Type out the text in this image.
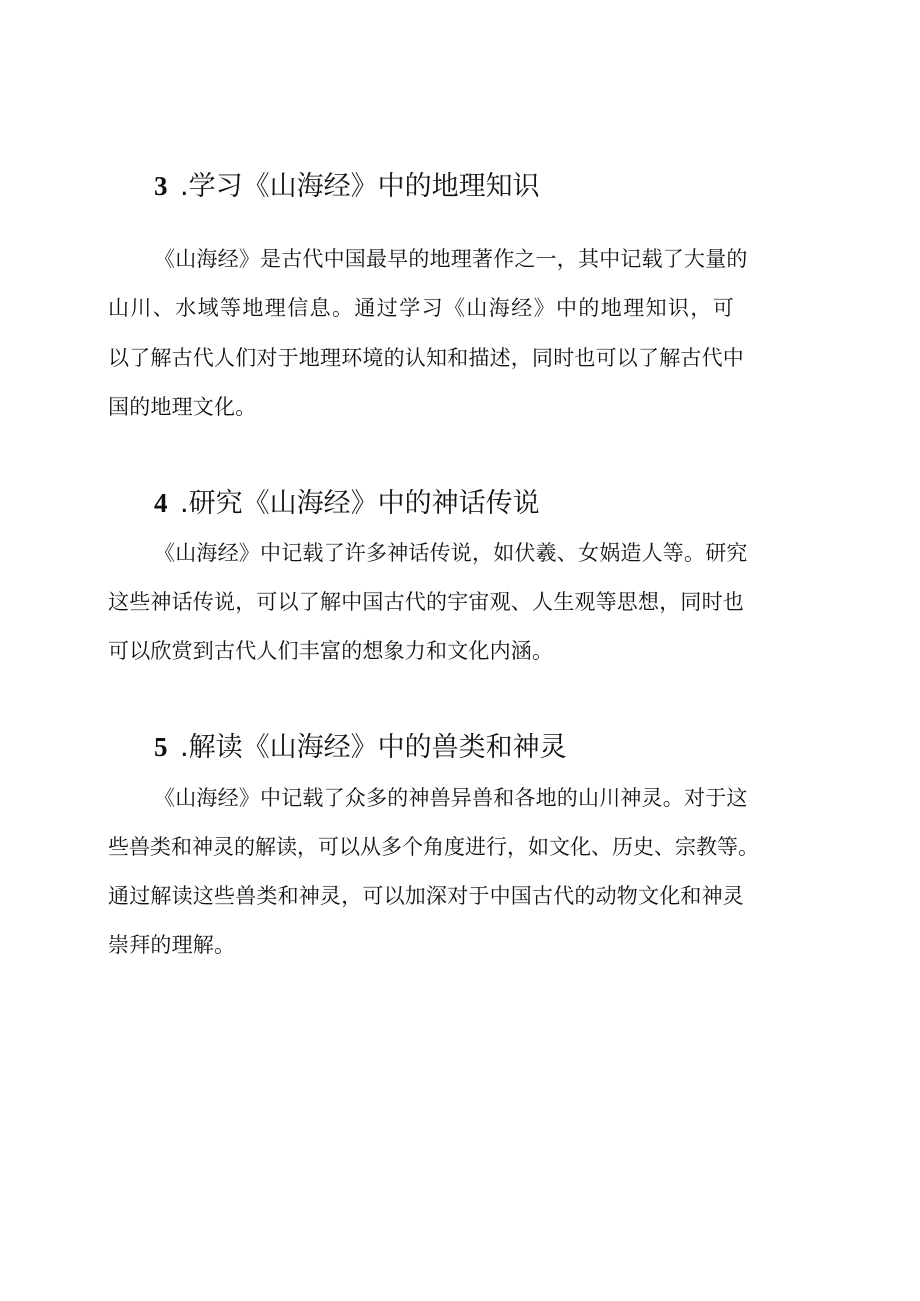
3 .学习《山海经》中的地理知识
《山海经》是古代中国最早的地理著作之一，其中记载了大量的
山川、水域等地理信息。通过学习《山海经》中的地理知识，可
以了解古代人们对于地理环境的认知和描述，同时也可以了解古代中
国的地理文化。
4 .研究《山海经》中的神话传说
《山海经》中记载了许多神话传说，如伏羲、女娲造人等。研究
这些神话传说，可以了解中国古代的宇宙观、人生观等思想，同时也
可以欣赏到古代人们丰富的想象力和文化内涵。
5 .解读《山海经》中的兽类和神灵
《山海经》中记载了众多的神兽异兽和各地的山川神灵。对于这
些兽类和神灵的解读，可以从多个角度进行，如文化、历史、宗教等。
通过解读这些兽类和神灵，可以加深对于中国古代的动物文化和神灵
崇拜的理解。
